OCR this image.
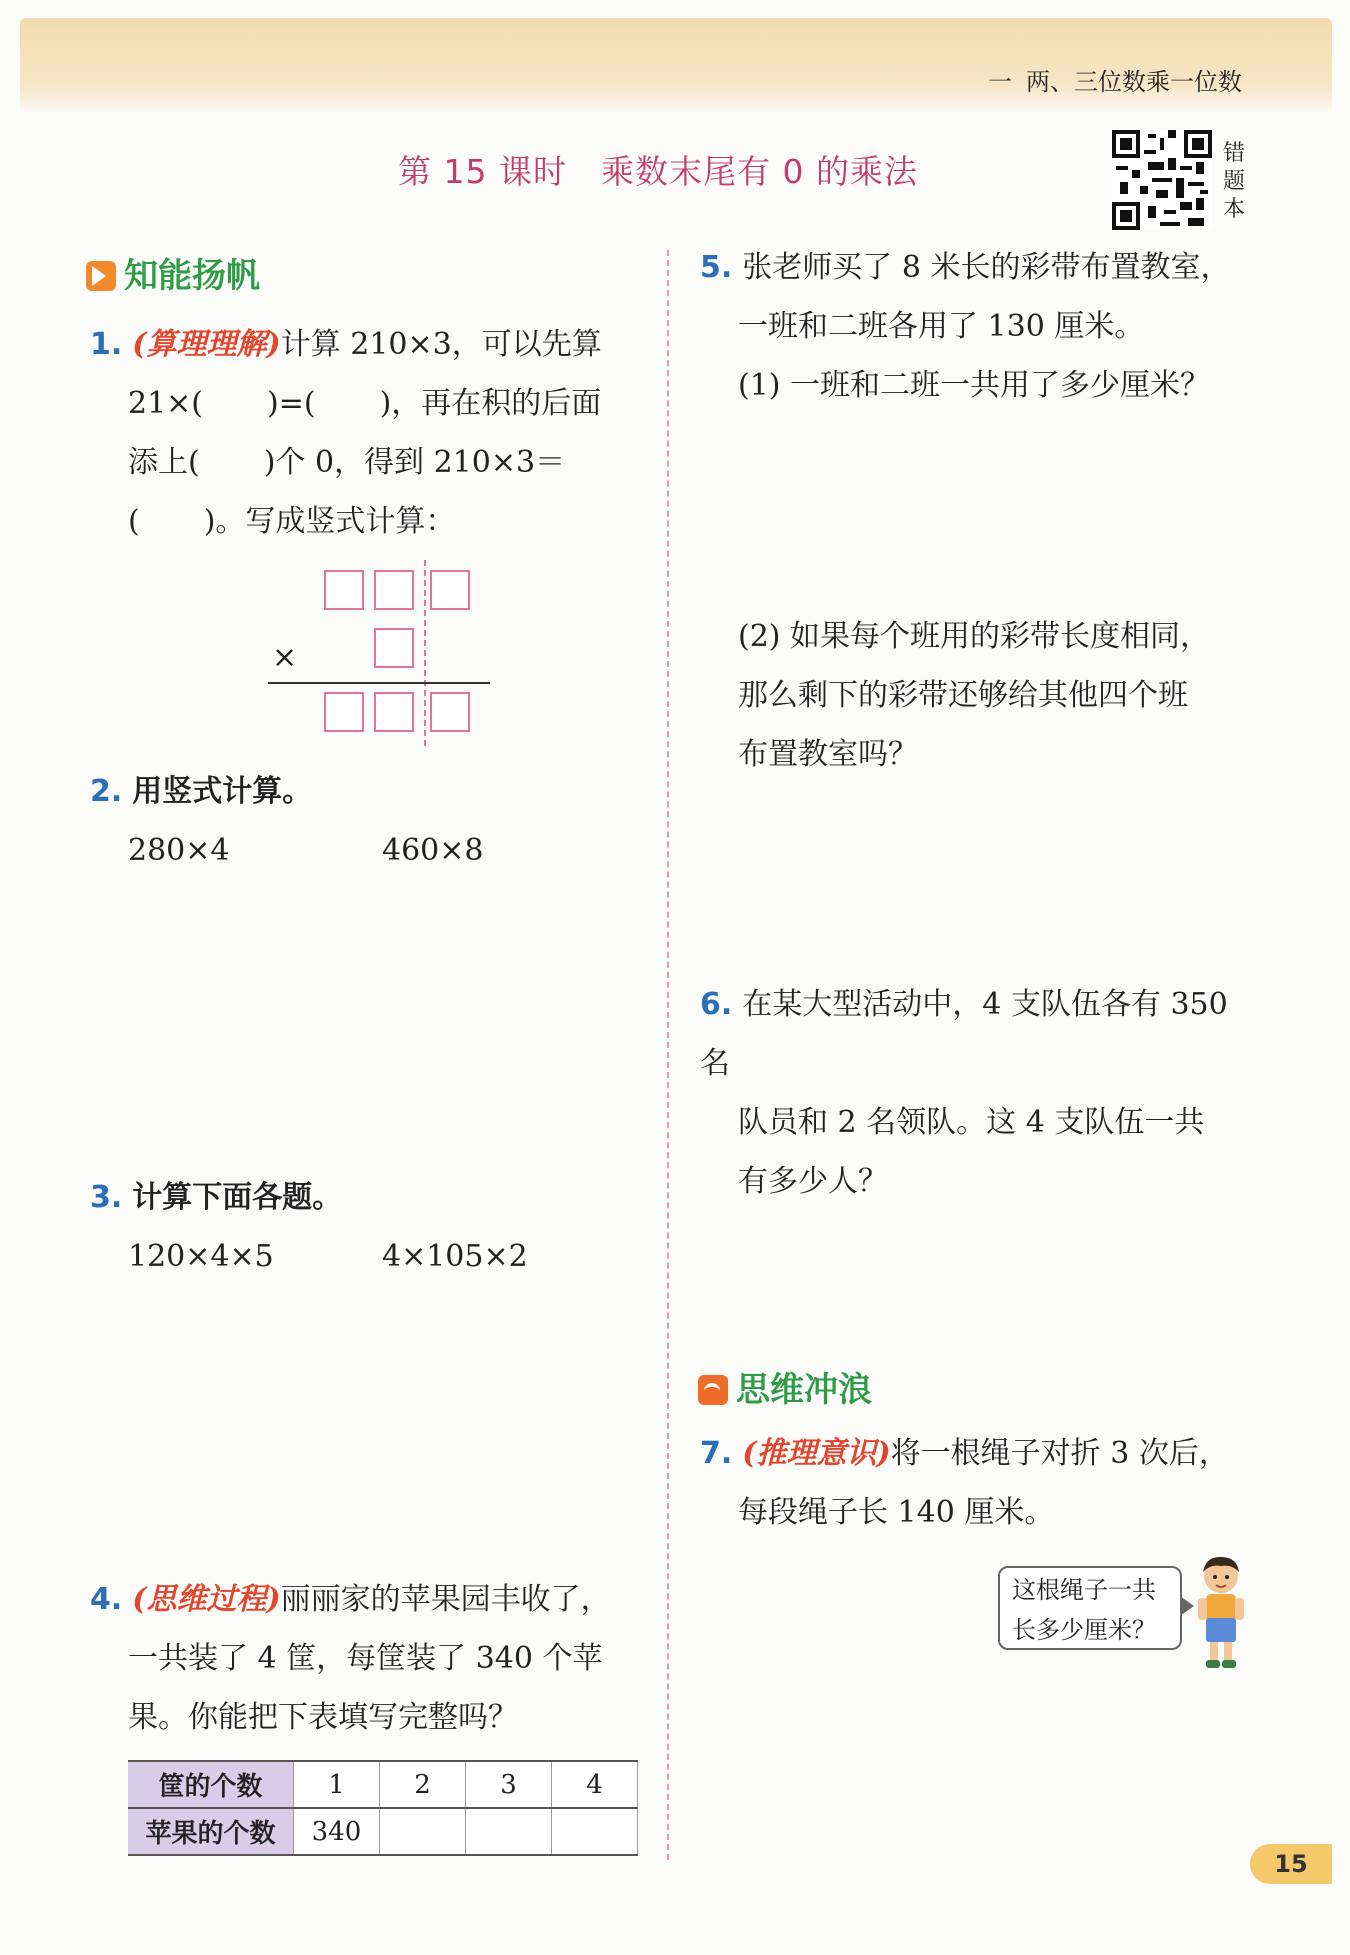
一 两、三位数乘一位数
第 15 课时　乘数末尾有 0 的乘法	错
题
本
知能扬帆
1. (算理理解)计算 210×3，可以先算
21×( )=( )，再在积的后面
添上( )个 0，得到 210×3＝
( )。写成竖式计算：
×
2. 用竖式计算。
280×4	460×8
3. 计算下面各题。
120×4×5	4×105×2
4. (思维过程)丽丽家的苹果园丰收了，
一共装了 4 筐，每筐装了 340 个苹
果。你能把下表填写完整吗？
筐的个数	1	2	3	4
苹果的个数	340			
5. 张老师买了 8 米长的彩带布置教室，
一班和二班各用了 130 厘米。
(1) 一班和二班一共用了多少厘米？
(2) 如果每个班用的彩带长度相同，
那么剩下的彩带还够给其他四个班
布置教室吗？
6. 在某大型活动中，4 支队伍各有 350 名
队员和 2 名领队。这 4 支队伍一共
有多少人？
思维冲浪
7. (推理意识)将一根绳子对折 3 次后，
每段绳子长 140 厘米。
这根绳子一共
长多少厘米？
15
